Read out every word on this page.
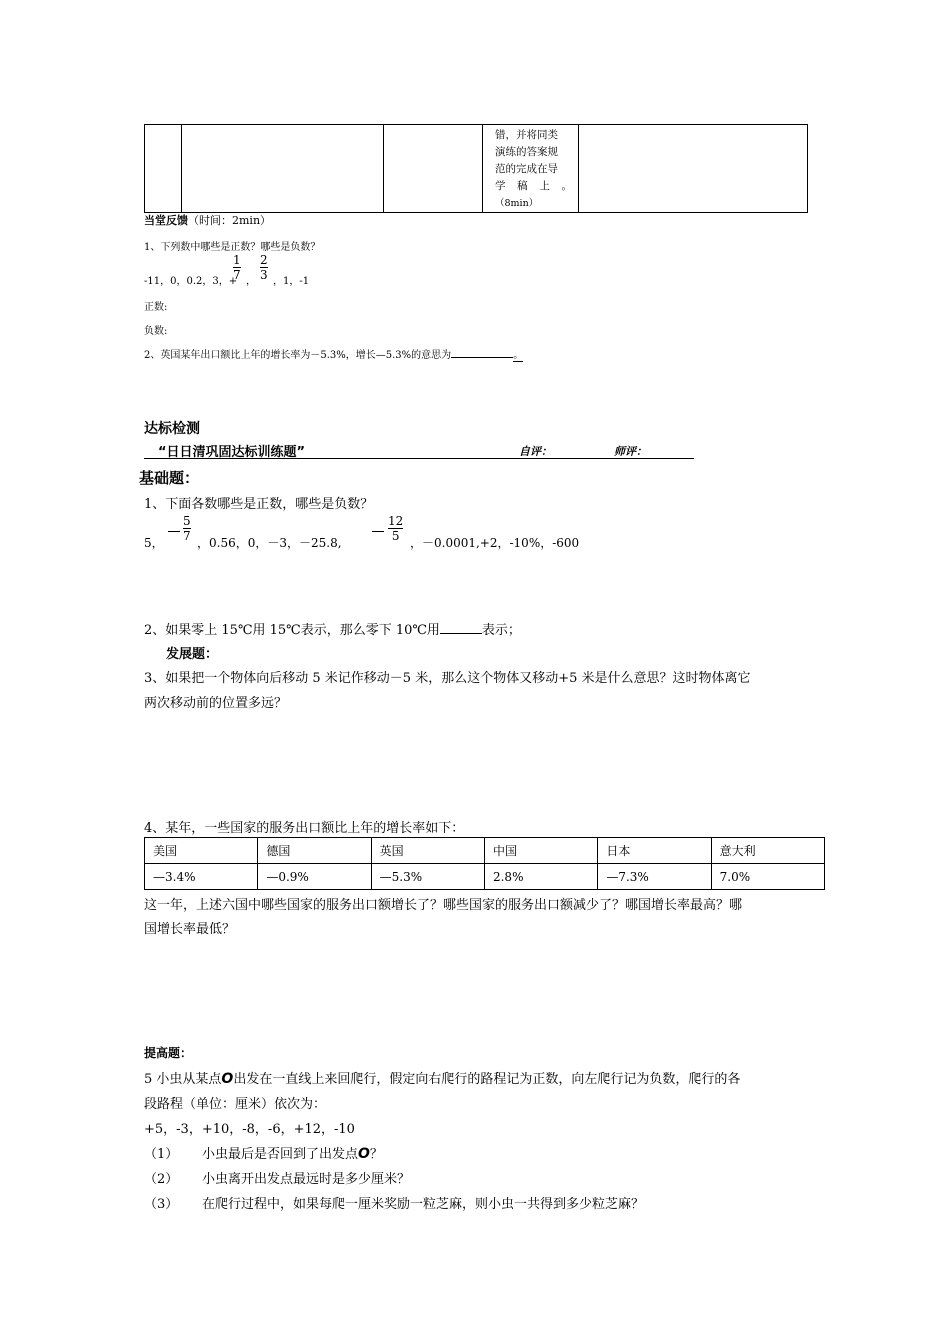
错，并将同类
演练的答案规
范的完成在导
学 稿 上 。
（8min）

当堂反馈（时间：2min）
1、下列数中哪些是正数？哪些是负数？
-11，0，0.2，3，+
1
7 ，
2
3 ，1，-1
正数:
负数:
2、英国某年出口额比上年的增长率为－5.3%，增长—5.3%的意思为	。
达标检测
“日日清巩固达标训练题”	自评：	师评：
基础题：
1、下面各数哪些是正数，哪些是负数？
5，
5
7 ，0.56，0，－3，－25.8,
12
5 ，－0.0001,+2，-10%，-600
2、如果零上 15℃用 15℃表示，那么零下 10℃用	表示；
发展题：
3、如果把一个物体向后移动 5 米记作移动－5 米，那么这个物体又移动+5 米是什么意思？这时物体离它
两次移动前的位置多远？
4、某年，一些国家的服务出口额比上年的增长率如下：
美国	德国	英国	中国	日本	意大利
—3.4%	—0.9%	—5.3%	2.8%	—7.3%	7.0%
这一年，上述六国中哪些国家的服务出口额增长了？哪些国家的服务出口额减少了？哪国增长率最高？哪
国增长率最低？
提高题：
5 小虫从某点O出发在一直线上来回爬行，假定向右爬行的路程记为正数，向左爬行记为负数，爬行的各
段路程（单位：厘米）依次为：
+5，-3，+10，-8，-6，+12，-10
（1） 小虫最后是否回到了出发点O？
（2） 小虫离开出发点最远时是多少厘米？
（3） 在爬行过程中，如果每爬一厘米奖励一粒芝麻，则小虫一共得到多少粒芝麻？
